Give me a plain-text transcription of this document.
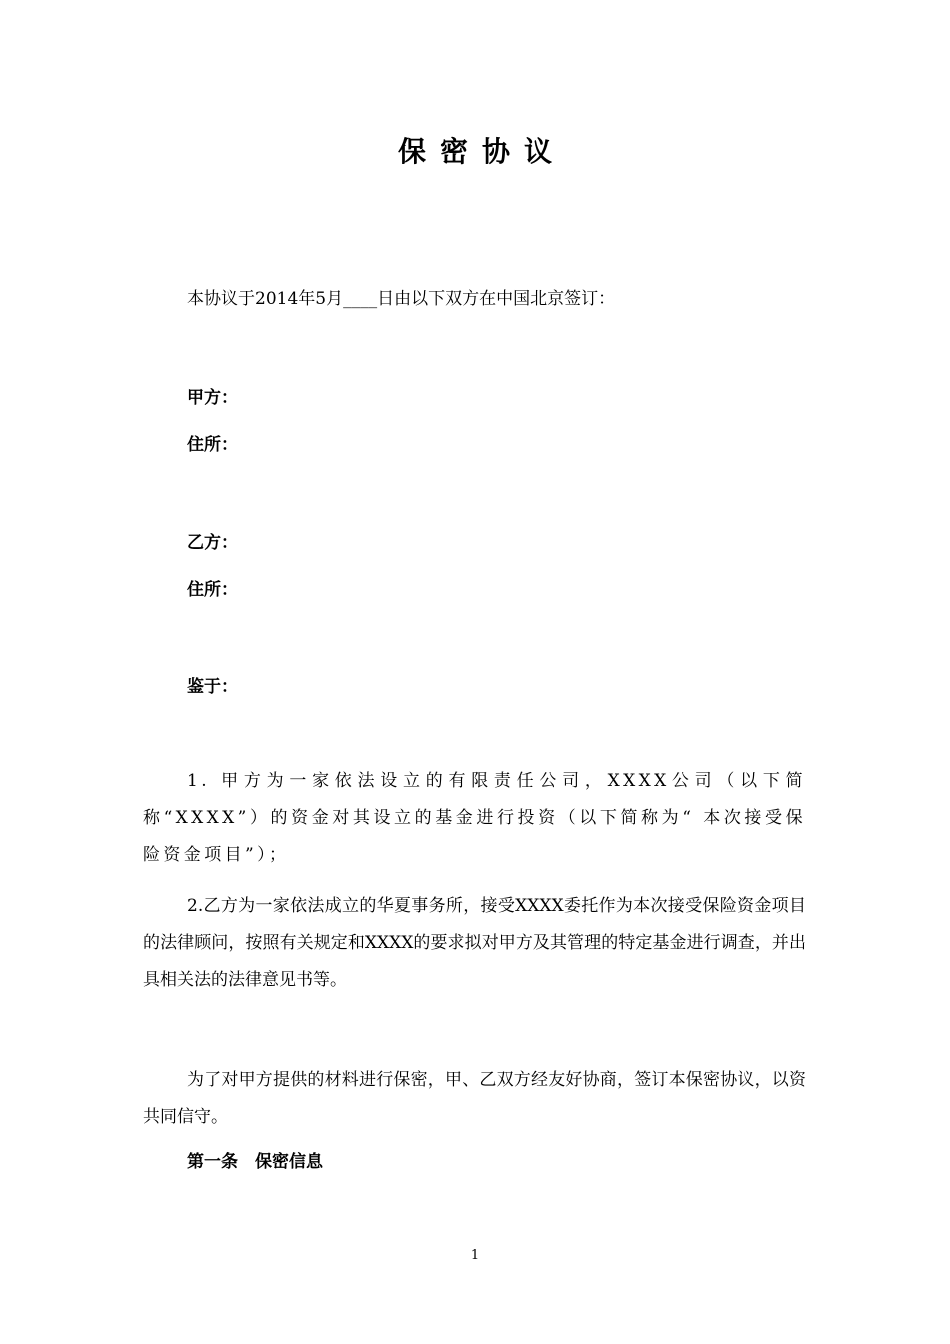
保密协议
本协议于2014年5月____日由以下双方在中国北京签订：
甲方：
住所：
乙方：
住所：
鉴于：
1. 甲方为一家依法设立的有限责任公司，XXXX公司（以下简称“XXXX”）的资金对其设立的基金进行投资（以下简称为“ 本次接受保险资金项目”）；
2.乙方为一家依法成立的华夏事务所，接受XXXX委托作为本次接受保险资金项目的法律顾问，按照有关规定和XXXX的要求拟对甲方及其管理的特定基金进行调查，并出具相关法的法律意见书等。
为了对甲方提供的材料进行保密，甲、乙双方经友好协商，签订本保密协议，以资共同信守。
第一条　保密信息
1
